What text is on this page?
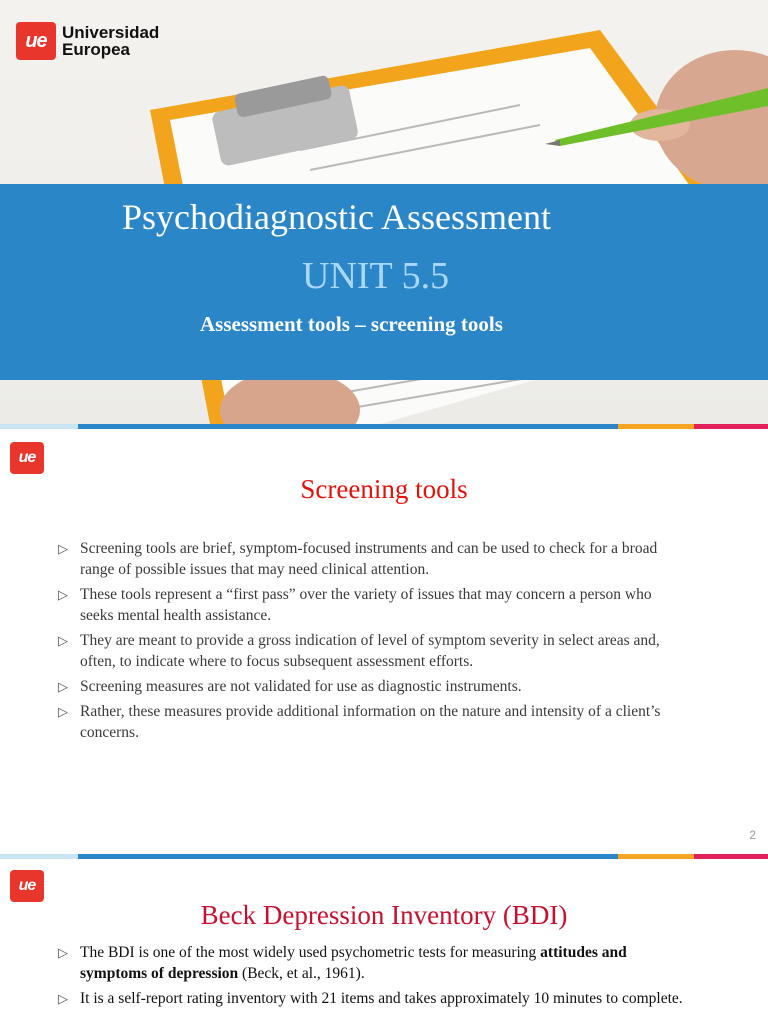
ue Universidad
Europea
Psychodiagnostic Assessment
UNIT 5.5
Assessment tools – screening tools
ue
Screening tools
▷ Screening tools are brief, symptom-focused instruments and can be used to check for a broad range of possible issues that may need clinical attention.
▷ These tools represent a “first pass” over the variety of issues that may concern a person who seeks mental health assistance.
▷ They are meant to provide a gross indication of level of symptom severity in select areas and, often, to indicate where to focus subsequent assessment efforts.
▷ Screening measures are not validated for use as diagnostic instruments.
▷ Rather, these measures provide additional information on the nature and intensity of a client’s concerns.
2
ue
Beck Depression Inventory (BDI)
▷ The BDI is one of the most widely used psychometric tests for measuring attitudes and symptoms of depression (Beck, et al., 1961).
▷ It is a self-report rating inventory with 21 items and takes approximately 10 minutes to complete.
